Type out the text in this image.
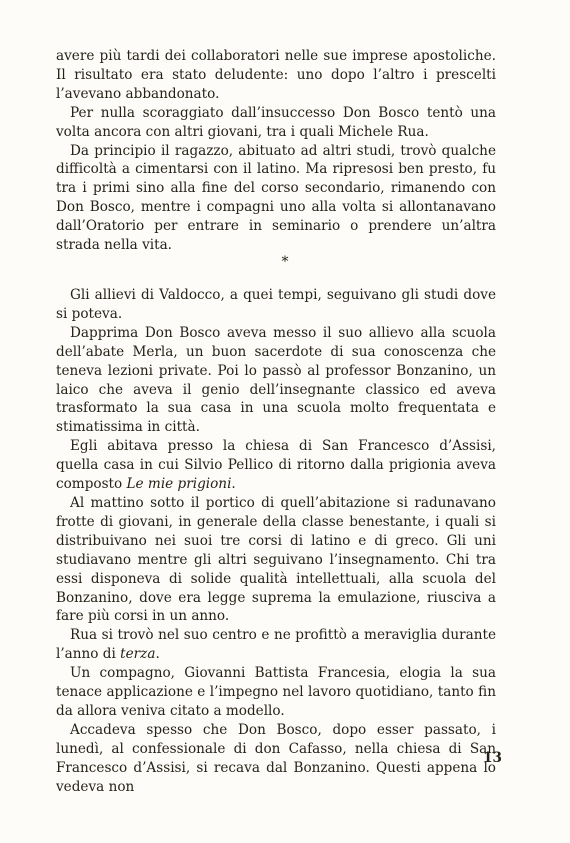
avere più tardi dei collaboratori nelle sue imprese apostoliche. Il risultato era stato deludente: uno dopo l’altro i prescelti l’avevano abbandonato.

Per nulla scoraggiato dall’insuccesso Don Bosco tentò una volta ancora con altri giovani, tra i quali Michele Rua.

Da principio il ragazzo, abituato ad altri studi, trovò qualche difficoltà a cimentarsi con il latino. Ma ripresosi ben presto, fu tra i primi sino alla fine del corso secondario, rimanendo con Don Bosco, mentre i compagni uno alla volta si allontanavano dall’Oratorio per entrare in seminario o prendere un’altra strada nella vita.

*

Gli allievi di Valdocco, a quei tempi, seguivano gli studi dove si poteva.

Dapprima Don Bosco aveva messo il suo allievo alla scuola dell’abate Merla, un buon sacerdote di sua conoscenza che teneva lezioni private. Poi lo passò al professor Bonzanino, un laico che aveva il genio dell’insegnante classico ed aveva trasformato la sua casa in una scuola molto frequentata e stimatissima in città.

Egli abitava presso la chiesa di San Francesco d’Assisi, quella casa in cui Silvio Pellico di ritorno dalla prigionia aveva composto Le mie prigioni.

Al mattino sotto il portico di quell’abitazione si radunavano frotte di giovani, in generale della classe benestante, i quali si distribuivano nei suoi tre corsi di latino e di greco. Gli uni studiavano mentre gli altri seguivano l’insegnamento. Chi tra essi disponeva di solide qualità intellettuali, alla scuola del Bonzanino, dove era legge suprema la emulazione, riusciva a fare più corsi in un anno.

Rua si trovò nel suo centro e ne profittò a meraviglia durante l’anno di terza.

Un compagno, Giovanni Battista Francesia, elogia la sua tenace applicazione e l’impegno nel lavoro quotidiano, tanto fin da allora veniva citato a modello.

Accadeva spesso che Don Bosco, dopo esser passato, i lunedì, al confessionale di don Cafasso, nella chiesa di San Francesco d’Assisi, si recava dal Bonzanino. Questi appena lo vedeva non

13
